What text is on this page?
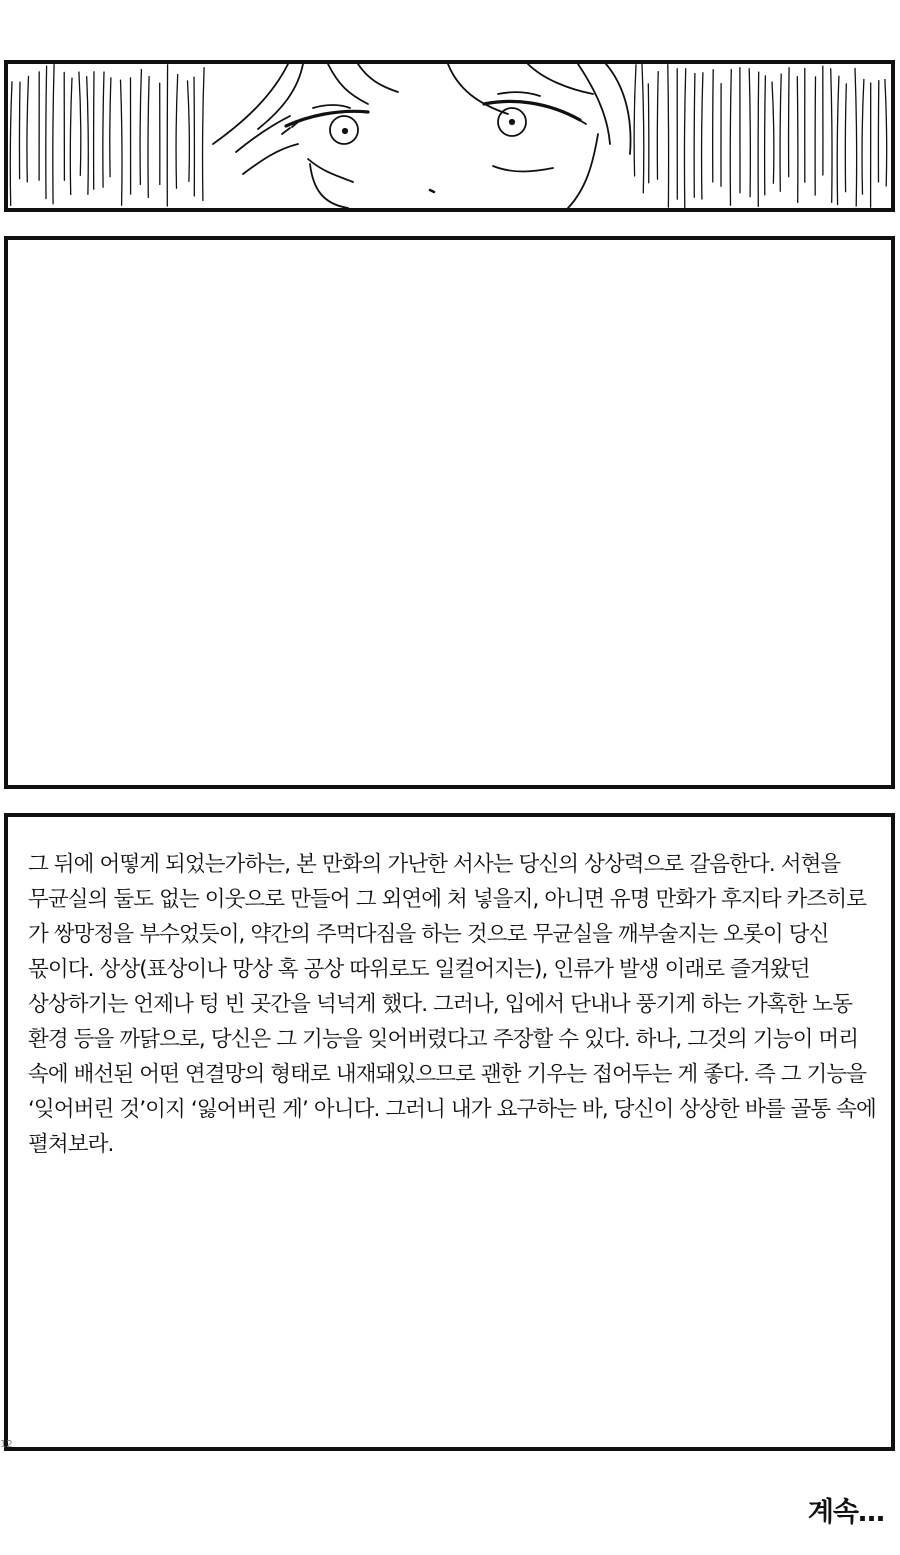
그 뒤에 어떻게 되었는가하는, 본 만화의 가난한 서사는 당신의 상상력으로 갈음한다. 서현을
무균실의 둘도 없는 이웃으로 만들어 그 외연에 처 넣을지, 아니면 유명 만화가 후지타 카즈히로
가 쌍망정을 부수었듯이, 약간의 주먹다짐을 하는 것으로 무균실을 깨부술지는 오롯이 당신
몫이다. 상상(표상이나 망상 혹 공상 따위로도 일컬어지는), 인류가 발생 이래로 즐겨왔던
상상하기는 언제나 텅 빈 곳간을 넉넉게 했다. 그러나, 입에서 단내나 풍기게 하는 가혹한 노동
환경 등을 까닭으로, 당신은 그 기능을 잊어버렸다고 주장할 수 있다. 하나, 그것의 기능이 머리
속에 배선된 어떤 연결망의 형태로 내재돼있으므로 괜한 기우는 접어두는 게 좋다. 즉 그 기능을
‘잊어버린 것’이지 ‘잃어버린 게’ 아니다. 그러니 내가 요구하는 바, 당신이 상상한 바를 골통 속에
펼쳐보라.

12
계속…
